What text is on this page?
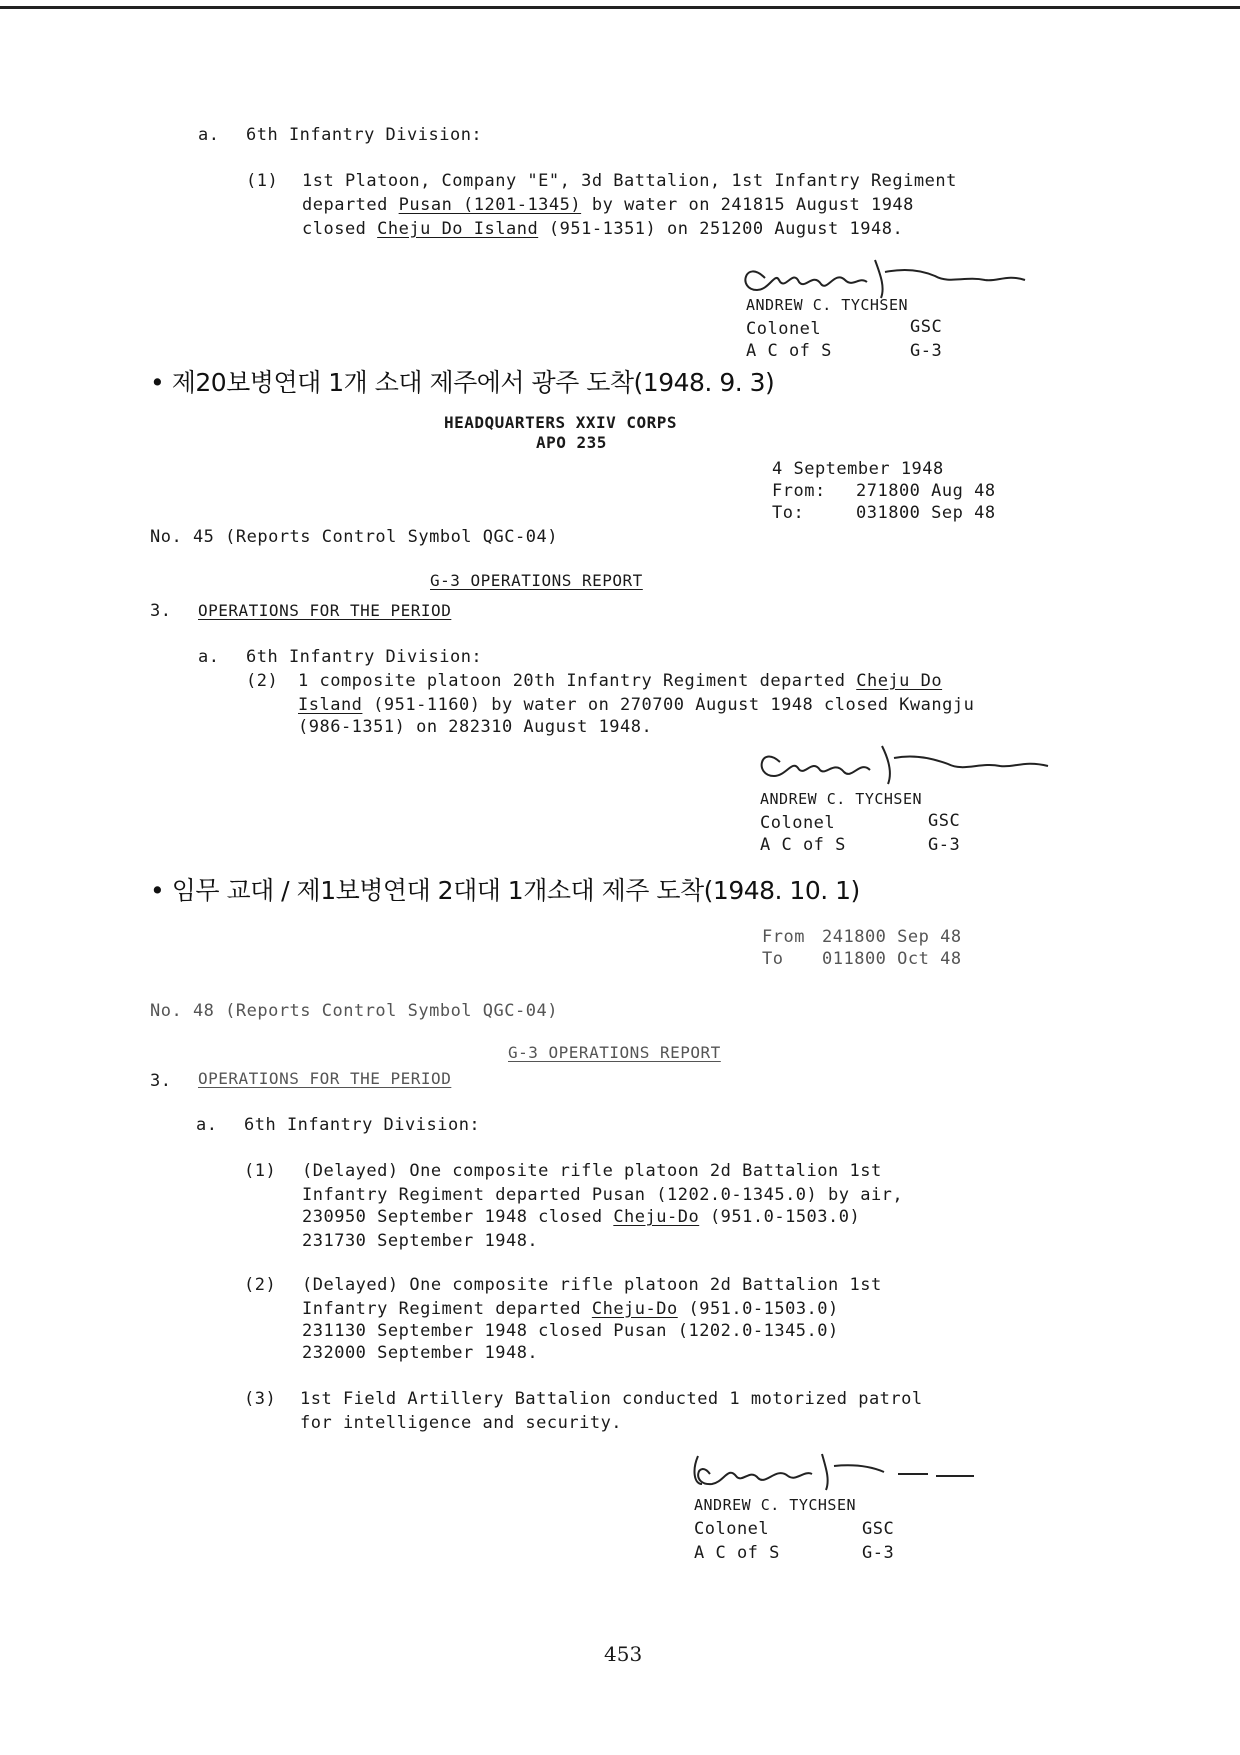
a. 6th Infantry Division:
(1) 1st Platoon, Company "E", 3d Battalion, 1st Infantry Regiment
departed Pusan (1201-1345) by water on 241815 August 1948
closed Cheju Do Island (951-1351) on 251200 August 1948.
ANDREW C. TYCHSEN
Colonel	GSC
A C of S	G-3
• 제20보병연대 1개 소대 제주에서 광주 도착(1948. 9. 3)
HEADQUARTERS XXIV CORPS
APO 235
4 September 1948
From: 271800 Aug 48
To:	031800 Sep 48
No. 45 (Reports Control Symbol QGC-04)
G-3 OPERATIONS REPORT
3. OPERATIONS FOR THE PERIOD
a. 6th Infantry Division:
(2) 1 composite platoon 20th Infantry Regiment departed Cheju Do
Island (951-1160) by water on 270700 August 1948 closed Kwangju
(986-1351) on 282310 August 1948.
ANDREW C. TYCHSEN
Colonel	GSC
A C of S	G-3
• 임무 교대 / 제1보병연대 2대대 1개소대 제주 도착(1948. 10. 1)
From 241800 Sep 48
To 011800 Oct 48
No. 48 (Reports Control Symbol QGC-04)
G-3 OPERATIONS REPORT
3. OPERATIONS FOR THE PERIOD
a. 6th Infantry Division:
(1) (Delayed) One composite rifle platoon 2d Battalion 1st
Infantry Regiment departed Pusan (1202.0-1345.0) by air,
230950 September 1948 closed Cheju-Do (951.0-1503.0)
231730 September 1948.
(2) (Delayed) One composite rifle platoon 2d Battalion 1st
Infantry Regiment departed Cheju-Do (951.0-1503.0)
231130 September 1948 closed Pusan (1202.0-1345.0)
232000 September 1948.
(3) 1st Field Artillery Battalion conducted 1 motorized patrol
for intelligence and security.
ANDREW C. TYCHSEN
Colonel	GSC
A C of S	G-3
453
